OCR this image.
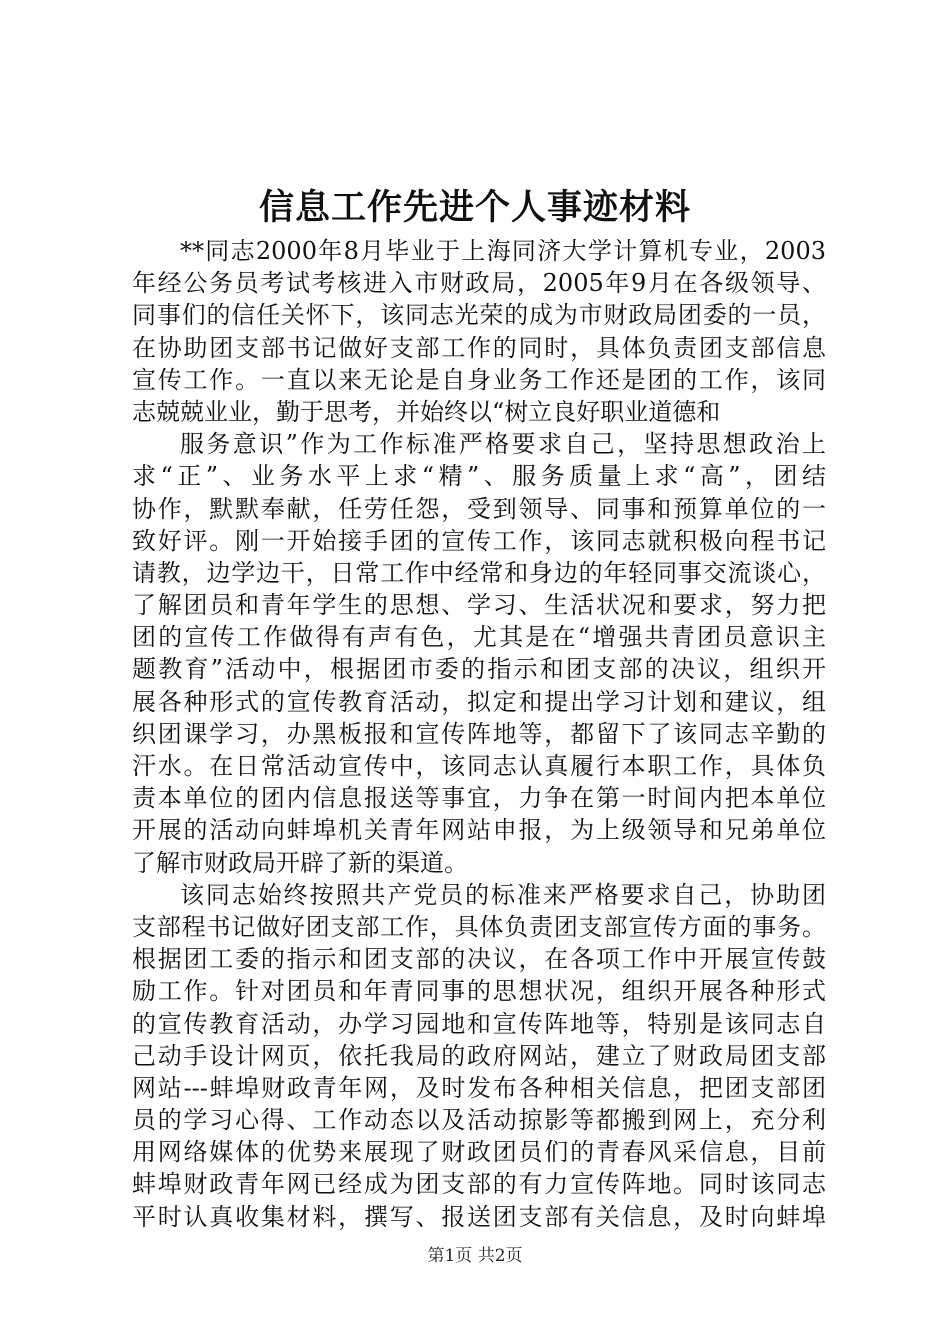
信息工作先进个人事迹材料
**同志2000年8月毕业于上海同济大学计算机专业，2003
年经公务员考试考核进入市财政局，2005年9月在各级领导、
同事们的信任关怀下，该同志光荣的成为市财政局团委的一员，
在协助团支部书记做好支部工作的同时，具体负责团支部信息
宣传工作。一直以来无论是自身业务工作还是团的工作，该同
志兢兢业业，勤于思考，并始终以“树立良好职业道德和
服务意识”作为工作标准严格要求自己，坚持思想政治上
求“正”、业务水平上求“精”、服务质量上求“高”，团结
协作，默默奉献，任劳任怨，受到领导、同事和预算单位的一
致好评。刚一开始接手团的宣传工作，该同志就积极向程书记
请教，边学边干，日常工作中经常和身边的年轻同事交流谈心，
了解团员和青年学生的思想、学习、生活状况和要求，努力把
团的宣传工作做得有声有色，尤其是在“增强共青团员意识主
题教育”活动中，根据团市委的指示和团支部的决议，组织开
展各种形式的宣传教育活动，拟定和提出学习计划和建议，组
织团课学习，办黑板报和宣传阵地等，都留下了该同志辛勤的
汗水。在日常活动宣传中，该同志认真履行本职工作，具体负
责本单位的团内信息报送等事宜，力争在第一时间内把本单位
开展的活动向蚌埠机关青年网站申报，为上级领导和兄弟单位
了解市财政局开辟了新的渠道。
该同志始终按照共产党员的标准来严格要求自己，协助团
支部程书记做好团支部工作，具体负责团支部宣传方面的事务。
根据团工委的指示和团支部的决议，在各项工作中开展宣传鼓
励工作。针对团员和年青同事的思想状况，组织开展各种形式
的宣传教育活动，办学习园地和宣传阵地等，特别是该同志自
己动手设计网页，依托我局的政府网站，建立了财政局团支部
网站---蚌埠财政青年网，及时发布各种相关信息，把团支部团
员的学习心得、工作动态以及活动掠影等都搬到网上，充分利
用网络媒体的优势来展现了财政团员们的青春风采信息，目前
蚌埠财政青年网已经成为团支部的有力宣传阵地。同时该同志
平时认真收集材料，撰写、报送团支部有关信息，及时向蚌埠
第1页 共2页
